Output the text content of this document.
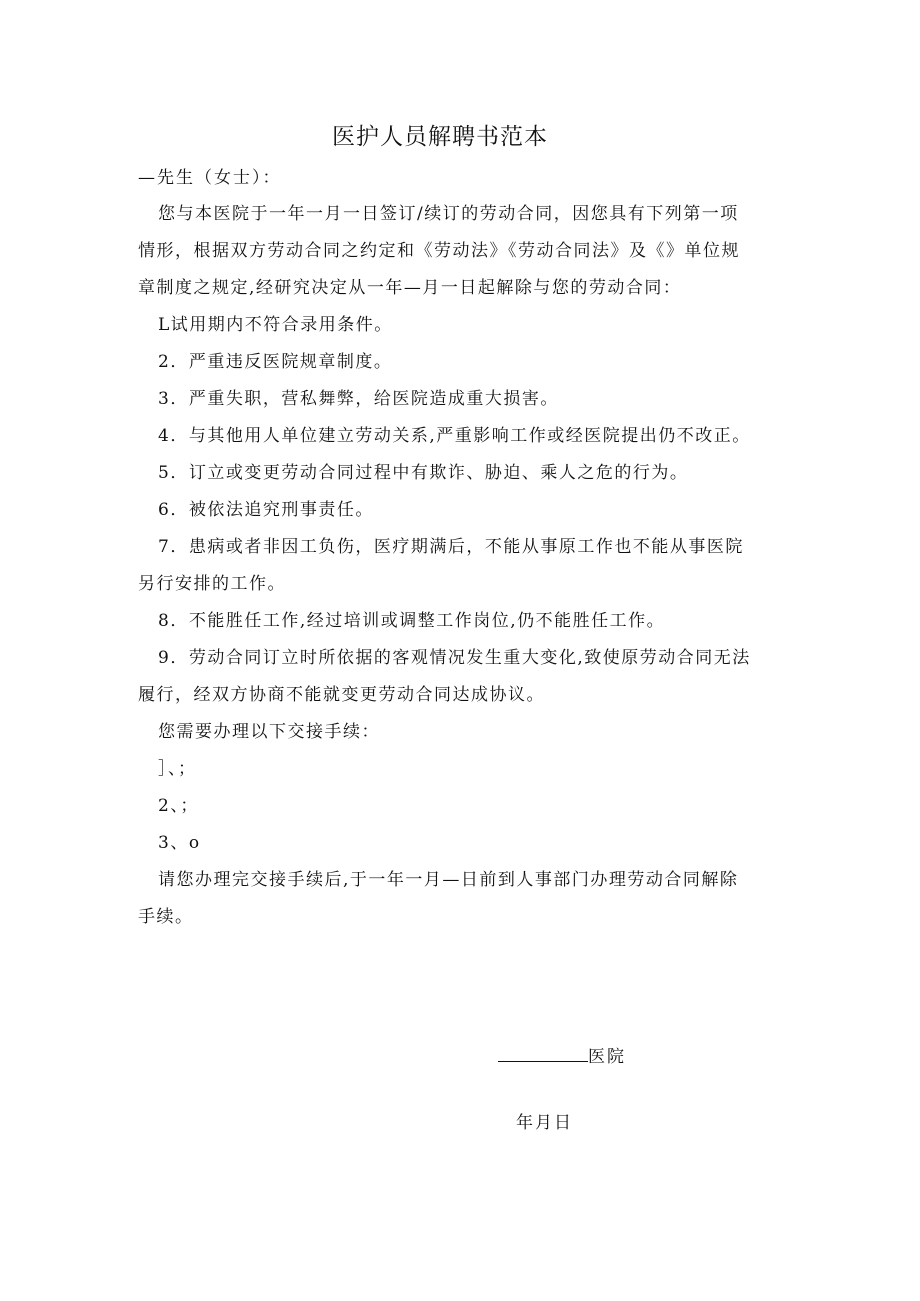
医护人员解聘书范本
—先生（女士）：

您与本医院于一年一月一日签订/续订的劳动合同，因您具有下列第一项情形，根据双方劳动合同之约定和《劳动法》《劳动合同法》及《》单位规章制度之规定,经研究决定从一年—月一日起解除与您的劳动合同：

L试用期内不符合录用条件。

2．严重违反医院规章制度。

3．严重失职，营私舞弊，给医院造成重大损害。

4．与其他用人单位建立劳动关系,严重影响工作或经医院提出仍不改正。

5．订立或变更劳动合同过程中有欺诈、胁迫、乘人之危的行为。

6．被依法追究刑事责任。

7．患病或者非因工负伤，医疗期满后，不能从事原工作也不能从事医院另行安排的工作。

8．不能胜任工作,经过培训或调整工作岗位,仍不能胜任工作。

9．劳动合同订立时所依据的客观情况发生重大变化,致使原劳动合同无法履行，经双方协商不能就变更劳动合同达成协议。

您需要办理以下交接手续：

］、；

2、；

3、o

请您办理完交接手续后,于一年一月—日前到人事部门办理劳动合同解除手续。

医院
年月日
